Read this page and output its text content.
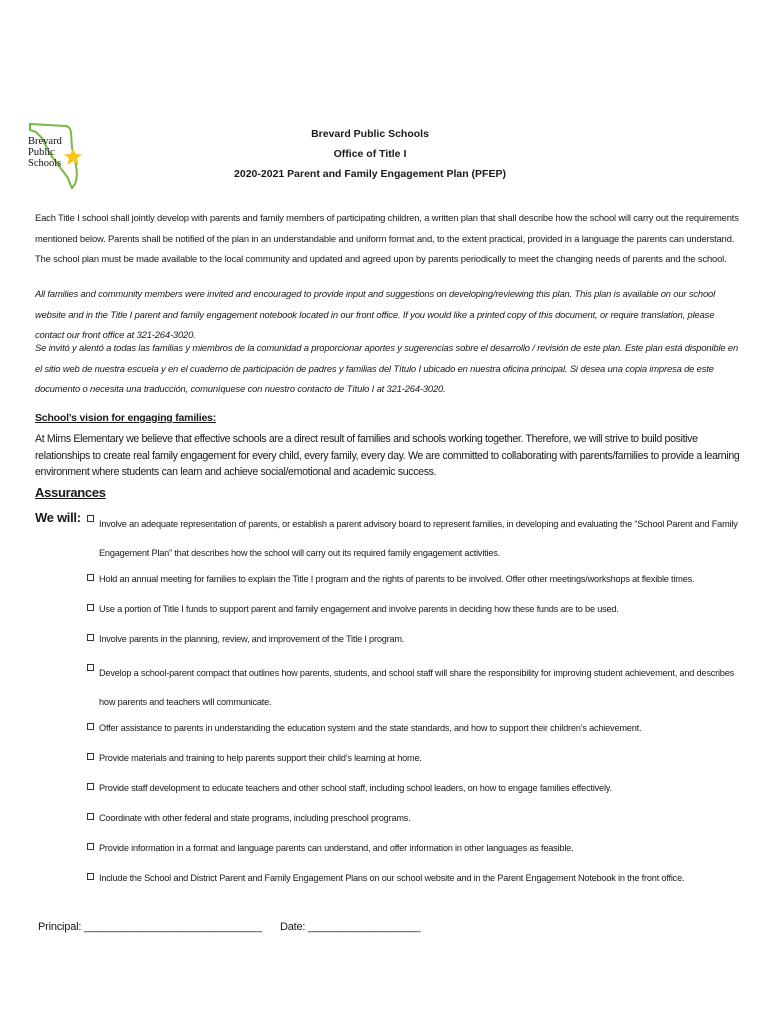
Brevard
Public
Schools
Brevard Public Schools
Office of Title I
2020-2021 Parent and Family Engagement Plan (PFEP)
Each Title I school shall jointly develop with parents and family members of participating children, a written plan that shall describe how the school will carry out the requirements mentioned below. Parents shall be notified of the plan in an understandable and uniform format and, to the extent practical, provided in a language the parents can understand. The school plan must be made available to the local community and updated and agreed upon by parents periodically to meet the changing needs of parents and the school.
All families and community members were invited and encouraged to provide input and suggestions on developing/reviewing this plan. This plan is available on our school website and in the Title I parent and family engagement notebook located in our front office. If you would like a printed copy of this document, or require translation, please contact our front office at 321-264-3020.
Se invitó y alentó a todas las familias y miembros de la comunidad a proporcionar aportes y sugerencias sobre el desarrollo / revisión de este plan. Este plan está disponible en el sitio web de nuestra escuela y en el cuaderno de participación de padres y familias del Título I ubicado en nuestra oficina principal. Si desea una copia impresa de este documento o necesita una traducción, comuníquese con nuestro contacto de Título I at 321-264-3020.
School’s vision for engaging families:
At Mims Elementary we believe that effective schools are a direct result of families and schools working together. Therefore, we will strive to build positive relationships to create real family engagement for every child, every family, every day. We are committed to collaborating with parents/families to provide a learning environment where students can learn and achieve social/emotional and academic success.
Assurances
We will:	Involve an adequate representation of parents, or establish a parent advisory board to represent families, in developing and evaluating the “School Parent and Family Engagement Plan” that describes how the school will carry out its required family engagement activities.
Hold an annual meeting for families to explain the Title I program and the rights of parents to be involved. Offer other meetings/workshops at flexible times.
Use a portion of Title I funds to support parent and family engagement and involve parents in deciding how these funds are to be used.
Involve parents in the planning, review, and improvement of the Title I program.
Develop a school-parent compact that outlines how parents, students, and school staff will share the responsibility for improving student achievement, and describes how parents and teachers will communicate.
Offer assistance to parents in understanding the education system and the state standards, and how to support their children’s achievement.
Provide materials and training to help parents support their child’s learning at home.
Provide staff development to educate teachers and other school staff, including school leaders, on how to engage families effectively.
Coordinate with other federal and state programs, including preschool programs.
Provide information in a format and language parents can understand, and offer information in other languages as feasible.
Include the School and District Parent and Family Engagement Plans on our school website and in the Parent Engagement Notebook in the front office.
Principal: ______________________________ Date: ___________________
